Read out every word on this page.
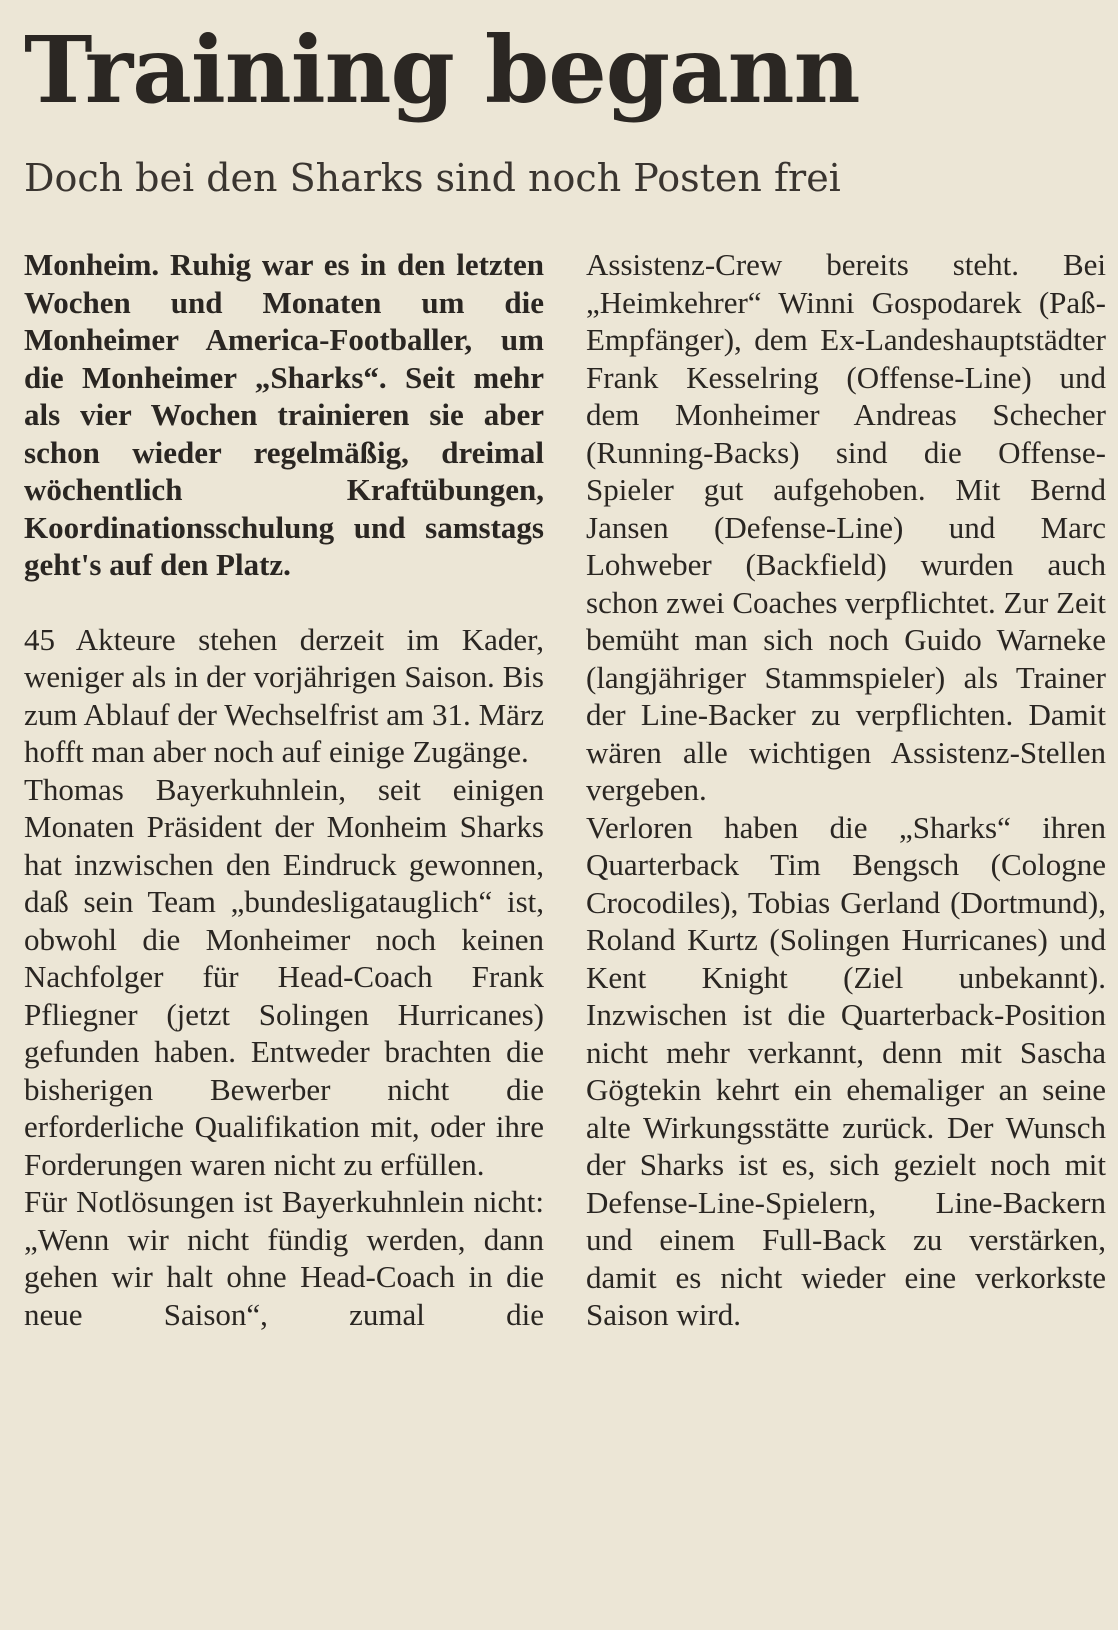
Training begann
Doch bei den Sharks sind noch Posten frei

Monheim. Ruhig war es in den letzten Wochen und Monaten um die Monheimer America-Footballer, um die Monheimer „Sharks“. Seit mehr als vier Wochen trainieren sie aber schon wieder regelmäßig, dreimal wöchentlich Kraftübungen, Koordinationsschulung und samstags geht's auf den Platz.

45 Akteure stehen derzeit im Kader, weniger als in der vorjährigen Saison. Bis zum Ablauf der Wechselfrist am 31. März hofft man aber noch auf einige Zugänge.

Thomas Bayerkuhnlein, seit einigen Monaten Präsident der Monheim Sharks hat inzwischen den Eindruck gewonnen, daß sein Team „bundesligatauglich“ ist, obwohl die Monheimer noch keinen Nachfolger für Head-Coach Frank Pfliegner (jetzt Solingen Hurricanes) gefunden haben. Entweder brachten die bisherigen Bewerber nicht die erforderliche Qualifikation mit, oder ihre Forderungen waren nicht zu erfüllen.

Für Notlösungen ist Bayerkuhnlein nicht: „Wenn wir nicht fündig werden, dann gehen wir halt ohne Head-Coach in die neue Saison“, zumal die

Assistenz-Crew bereits steht. Bei „Heimkehrer“ Winni Gospodarek (Paß-Empfänger), dem Ex-Landeshauptstädter Frank Kesselring (Offense-Line) und dem Monheimer Andreas Schecher (Running-Backs) sind die Offense-Spieler gut aufgehoben. Mit Bernd Jansen (Defense-Line) und Marc Lohweber (Backfield) wurden auch schon zwei Coaches verpflichtet. Zur Zeit bemüht man sich noch Guido Warneke (langjähriger Stammspieler) als Trainer der Line-Backer zu verpflichten. Damit wären alle wichtigen Assistenz-Stellen vergeben.

Verloren haben die „Sharks“ ihren Quarterback Tim Bengsch (Cologne Crocodiles), Tobias Gerland (Dortmund), Roland Kurtz (Solingen Hurricanes) und Kent Knight (Ziel unbekannt). Inzwischen ist die Quarterback-Position nicht mehr verkannt, denn mit Sascha Gögtekin kehrt ein ehemaliger an seine alte Wirkungsstätte zurück. Der Wunsch der Sharks ist es, sich gezielt noch mit Defense-Line-Spielern, Line-Backern und einem Full-Back zu verstärken, damit es nicht wieder eine verkorkste Saison wird.
